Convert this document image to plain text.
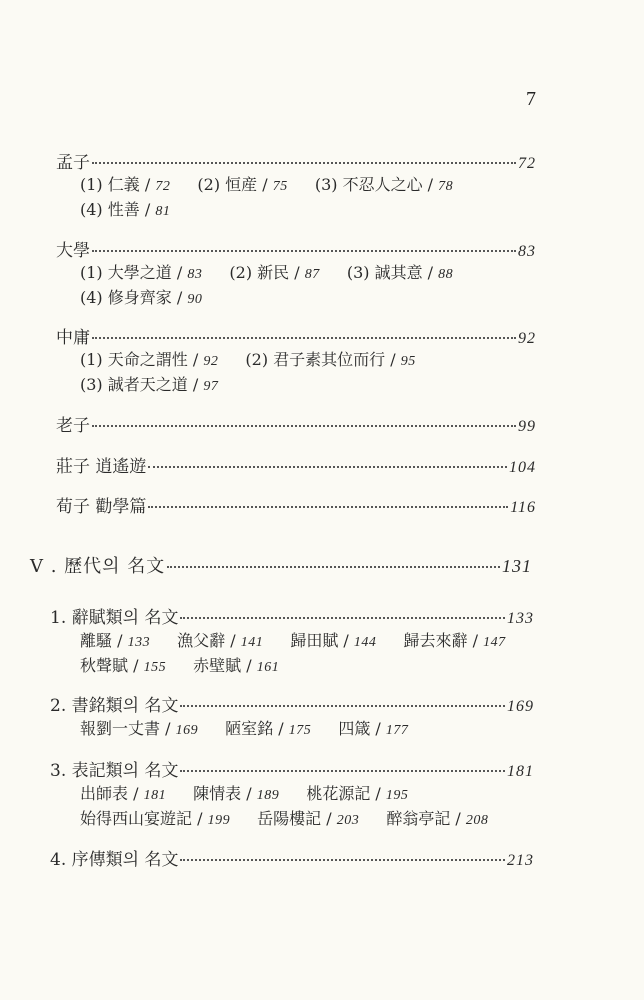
7
孟子	72
(1) 仁義 / 72 (2) 恒産 / 75 (3) 不忍人之心 / 78
(4) 性善 / 81
大學	83
(1) 大學之道 / 83 (2) 新民 / 87 (3) 誠其意 / 88
(4) 修身齊家 / 90
中庸	92
(1) 天命之謂性 / 92 (2) 君子素其位而行 / 95
(3) 誠者天之道 / 97
老子	99
莊子 逍遙遊	104
荀子 勸學篇	116
V . 歷代의 名文	131
1. 辭賦類의 名文	133
離騷 / 133 漁父辭 / 141 歸田賦 / 144 歸去來辭 / 147
秋聲賦 / 155 赤壁賦 / 161
2. 書銘類의 名文	169
報劉一丈書 / 169 陋室銘 / 175 四箴 / 177
3. 表記類의 名文	181
出師表 / 181 陳情表 / 189 桃花源記 / 195
始得西山宴遊記 / 199 岳陽樓記 / 203 醉翁亭記 / 208
4. 序傳類의 名文	213
